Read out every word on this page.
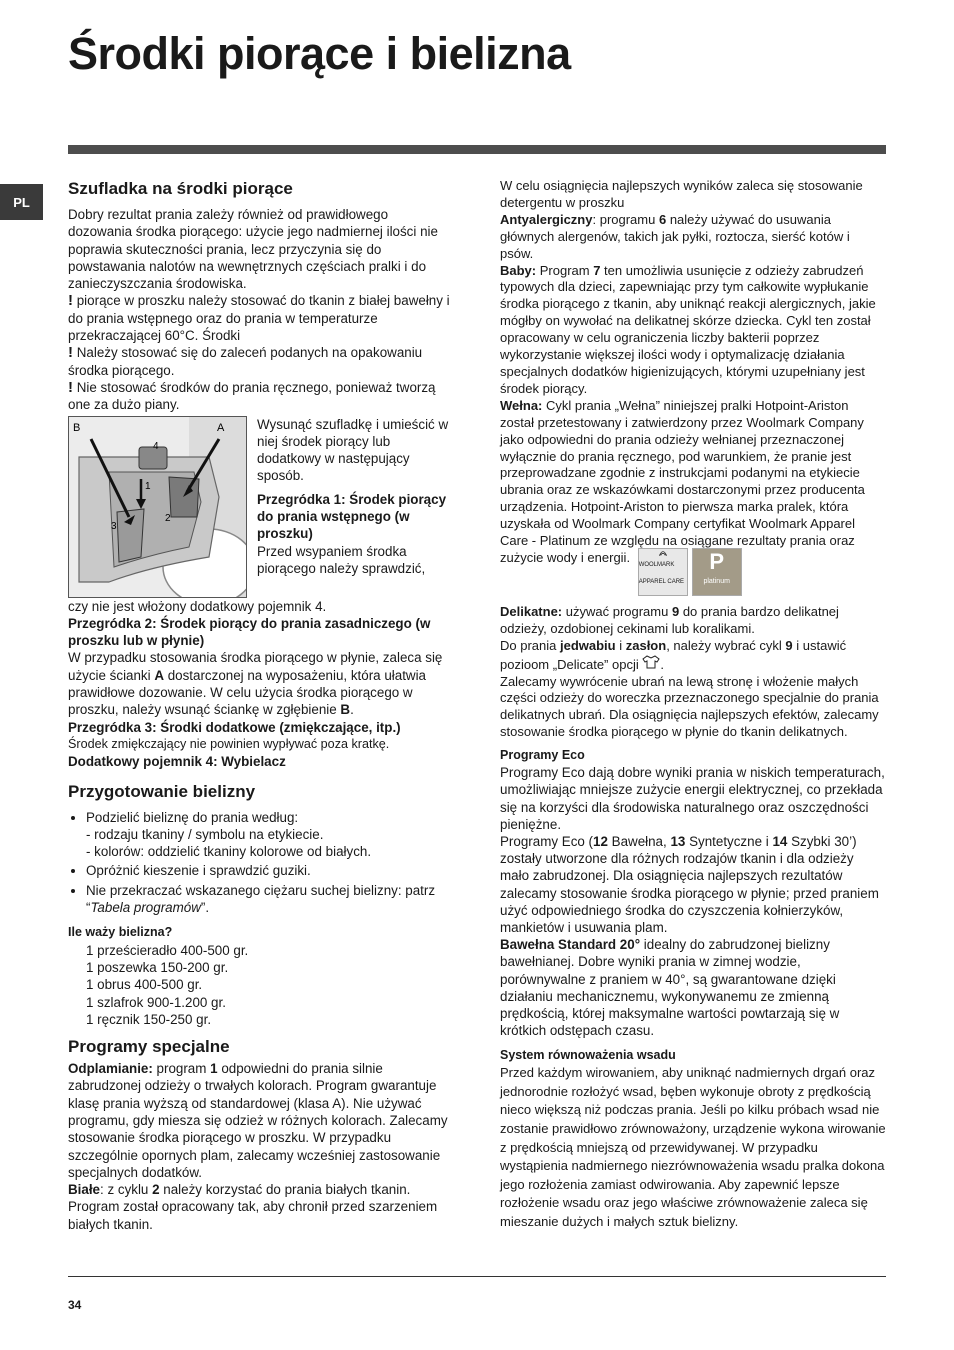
Środki piorące i bielizna
PL
Szufladka na środki piorące

Dobry rezultat prania zależy również od prawidłowego dozowania środka piorącego: użycie jego nadmiernej ilości nie poprawia skuteczności prania, lecz przyczynia się do powstawania nalotów na wewnętrznych częściach pralki i do zanieczyszczania środowiska.

! piorące w proszku należy stosować do tkanin z białej bawełny i do prania wstępnego oraz do prania w temperaturze przekraczającej 60°C. Środki

! Należy stosować się do zaleceń podanych na opakowaniu środka piorącego.

! Nie stosować środków do prania ręcznego, ponieważ tworzą one za dużo piany.

B	A
4
1
2
3

Wysunąć szufladkę i umieścić w niej środek piorący lub dodatkowy w następujący sposób.

Przegródka 1: Środek piorący do prania wstępnego (w proszku)

Przed wsypaniem środka piorącego należy sprawdzić,

czy nie jest włożony dodatkowy pojemnik 4.

Przegródka 2: Środek piorący do prania zasadniczego (w proszku lub w płynie)

W przypadku stosowania środka piorącego w płynie, zaleca się użycie ścianki A dostarczonej na wyposażeniu, która ułatwia prawidłowe dozowanie. W celu użycia środka piorącego w proszku, należy wsunąć ściankę w zgłębienie B.

Przegródka 3: Środki dodatkowe (zmiękczające, itp.)

Środek zmiękczający nie powinien wypływać poza kratkę.

Dodatkowy pojemnik 4: Wybielacz

Przygotowanie bielizny
• Podzielić bieliznę do prania według:
- rodzaju tkaniny / symbolu na etykiecie.
- kolorów: oddzielić tkaniny kolorowe od białych.
• Opróżnić kieszenie i sprawdzić guziki.
• Nie przekraczać wskazanego ciężaru suchej bielizny: patrz “Tabela programów”.

Ile waży bielizna?

1 prześcieradło 400-500 gr.

1 poszewka 150-200 gr.

1 obrus 400-500 gr.

1 szlafrok 900-1.200 gr.

1 ręcznik 150-250 gr.

Programy specjalne

Odplamianie: program 1 odpowiedni do prania silnie zabrudzonej odzieży o trwałych kolorach. Program gwarantuje klasę prania wyższą od standardowej (klasa A). Nie używać programu, gdy miesza się odzież w różnych kolorach. Zalecamy stosowanie środka piorącego w proszku. W przypadku szczególnie opornych plam, zalecamy wcześniej zastosowanie specjalnych dodatków.

Białe: z cyklu 2 należy korzystać do prania białych tkanin. Program został opracowany tak, aby chronił przed szarzeniem białych tkanin.

W celu osiągnięcia najlepszych wyników zaleca się stosowanie detergentu w proszku

Antyalergiczny: programu 6 należy używać do usuwania głównych alergenów, takich jak pyłki, roztocza, sierść kotów i psów.

Baby: Program 7 ten umożliwia usunięcie z odzieży zabrudzeń typowych dla dzieci, zapewniając przy tym całkowite wypłukanie środka piorącego z tkanin, aby uniknąć reakcji alergicznych, jakie mógłby on wywołać na delikatnej skórze dziecka. Cykl ten został opracowany w celu ograniczenia liczby bakterii poprzez wykorzystanie większej ilości wody i optymalizację działania specjalnych dodatków higienizujących, którymi uzupełniany jest środek piorący.

Wełna: Cykl prania „Wełna” niniejszej pralki Hotpoint-Ariston został przetestowany i zatwierdzony przez Woolmark Company jako odpowiedni do prania odzieży wełnianej przeznaczonej wyłącznie do prania ręcznego, pod warunkiem, że pranie jest przeprowadzane zgodnie z instrukcjami podanymi na etykiecie ubrania oraz ze wskazówkami dostarczonymi przez producenta urządzenia. Hotpoint-Ariston to pierwsza marka pralek, która uzyskała od Woolmark Company certyfikat Woolmark Apparel Care - Platinum ze względu na osiągane rezultaty prania oraz zużycie wody i energii.
WOOLMARK APPAREL CARE
P
platinum

Delikatne: używać programu 9 do prania bardzo delikatnej odzieży, ozdobionej cekinami lub koralikami.

Do prania jedwabiu i zasłon, należy wybrać cykl 9 i ustawić pozioom „Delicate” opcji .

Zalecamy wywrócenie ubrań na lewą stronę i włożenie małych części odzieży do woreczka przeznaczonego specjalnie do prania delikatnych ubrań. Dla osiągnięcia najlepszych efektów, zalecamy stosowanie środka piorącego w płynie do tkanin delikatnych.

Programy Eco

Programy Eco dają dobre wyniki prania w niskich temperaturach, umożliwiając mniejsze zużycie energii elektrycznej, co przekłada się na korzyści dla środowiska naturalnego oraz oszczędności pieniężne.

Programy Eco (12 Bawełna, 13 Syntetyczne i 14 Szybki 30’) zostały utworzone dla różnych rodzajów tkanin i dla odzieży mało zabrudzonej. Dla osiągnięcia najlepszych rezultatów zalecamy stosowanie środka piorącego w płynie; przed praniem użyć odpowiedniego środka do czyszczenia kołnierzyków, mankietów i usuwania plam.

Bawełna Standard 20° idealny do zabrudzonej bielizny bawełnianej. Dobre wyniki prania w zimnej wodzie, porównywalne z praniem w 40°, są gwarantowane dzięki działaniu mechanicznemu, wykonywanemu ze zmienną prędkością, której maksymalne wartości powtarzają się w krótkich odstępach czasu.

System równoważenia wsadu

Przed każdym wirowaniem, aby uniknąć nadmiernych drgań oraz jednorodnie rozłożyć wsad, bęben wykonuje obroty z prędkością nieco większą niż podczas prania. Jeśli po kilku próbach wsad nie zostanie prawidłowo zrównoważony, urządzenie wykona wirowanie z prędkością mniejszą od przewidywanej. W przypadku wystąpienia nadmiernego niezrównoważenia wsadu pralka dokona jego rozłożenia zamiast odwirowania. Aby zapewnić lepsze rozłożenie wsadu oraz jego właściwe zrównoważenie zaleca się mieszanie dużych i małych sztuk bielizny.

34
